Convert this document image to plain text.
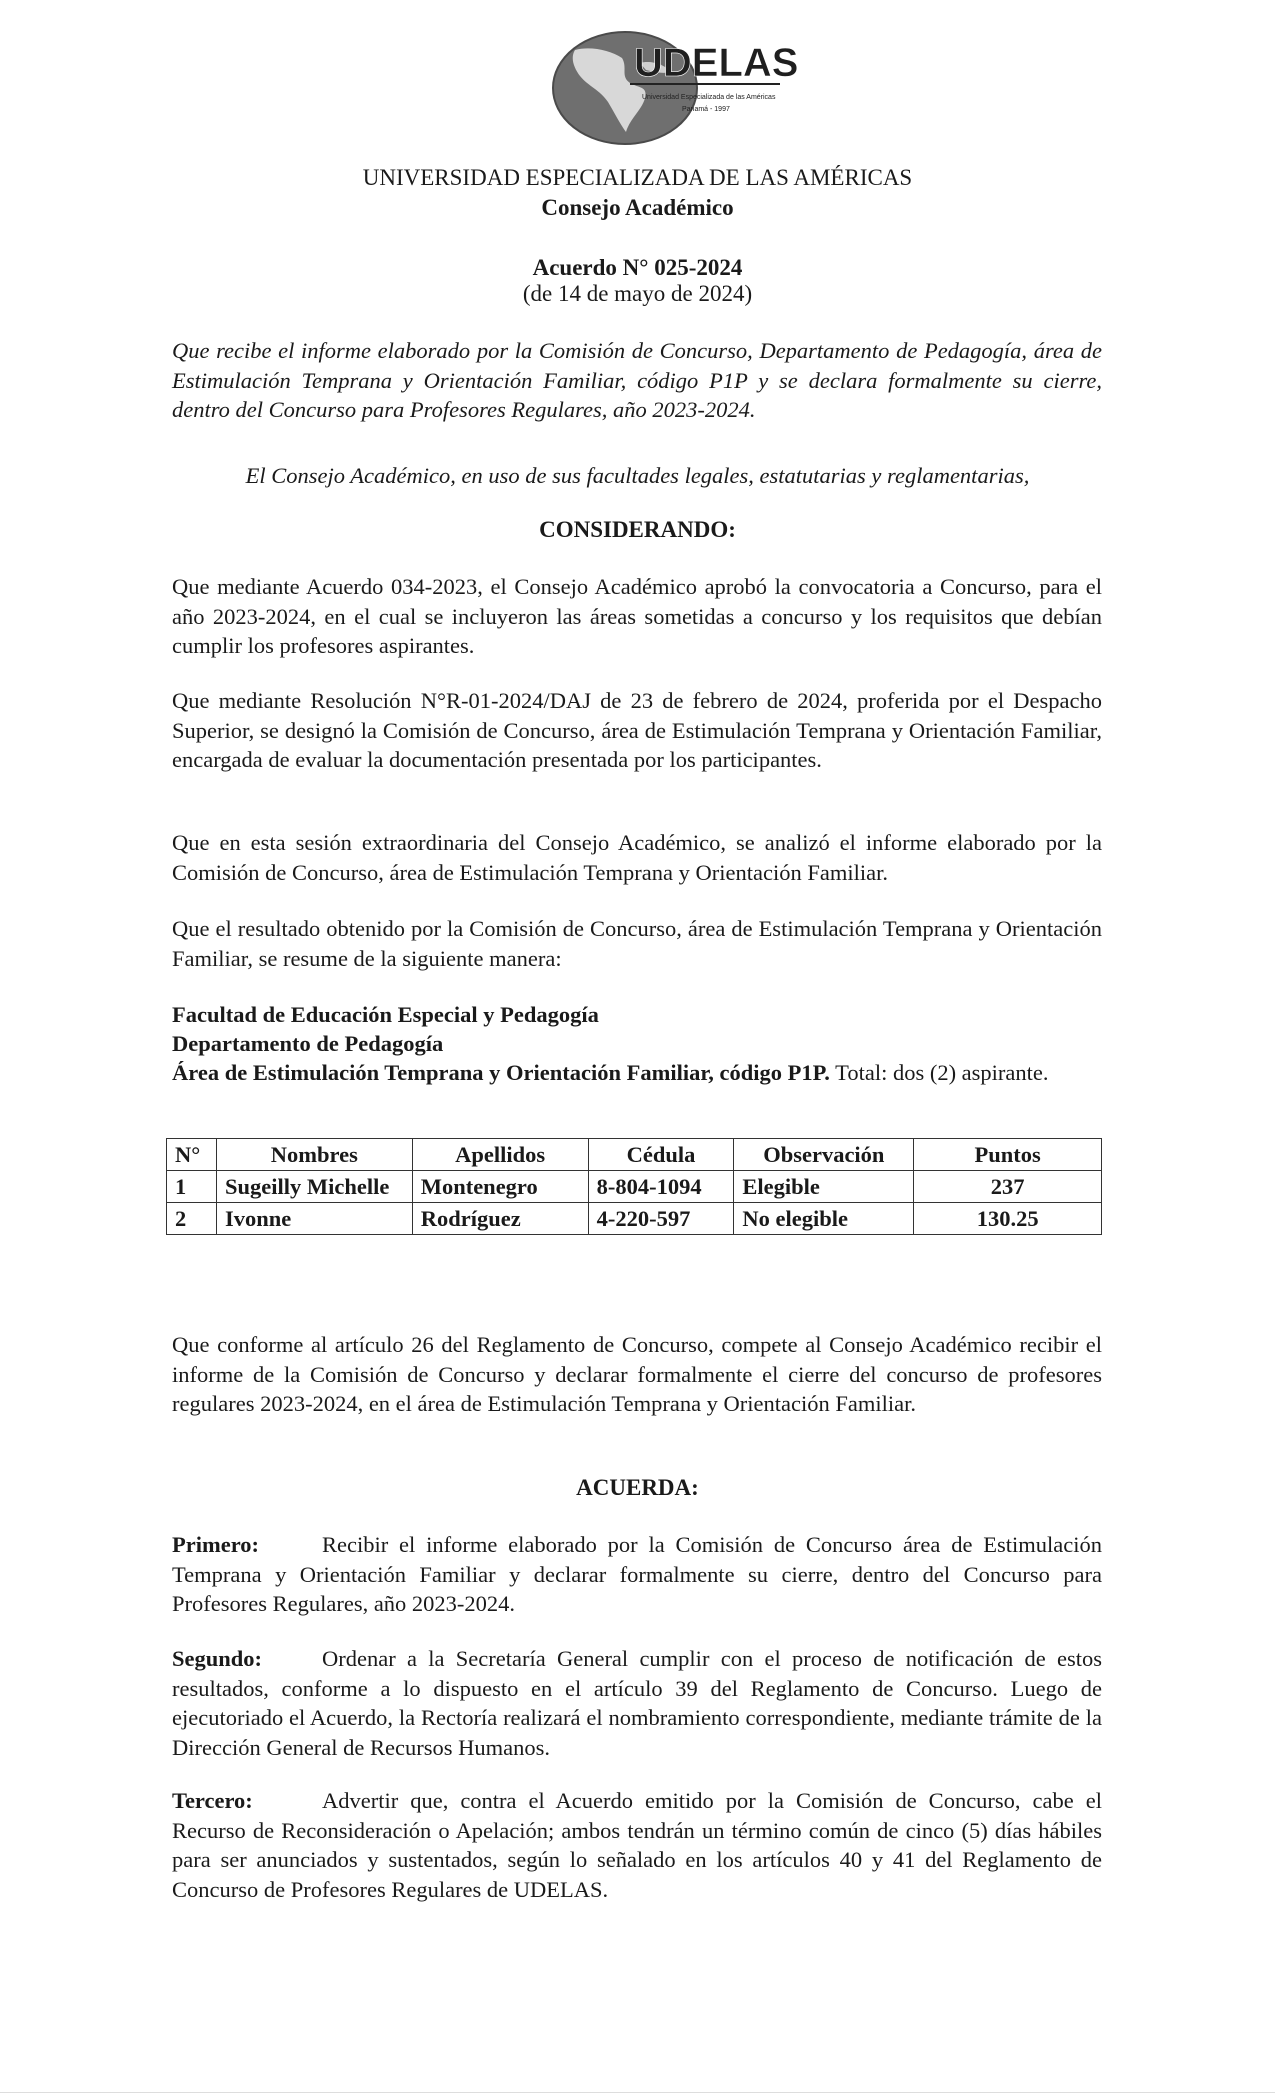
UDELAS
Universidad Especializada de las Américas
Panamá - 1997
UNIVERSIDAD ESPECIALIZADA DE LAS AMÉRICAS
Consejo Académico
Acuerdo N° 025-2024
(de 14 de mayo de 2024)
Que recibe el informe elaborado por la Comisión de Concurso, Departamento de Pedagogía, área de Estimulación Temprana y Orientación Familiar, código P1P y se declara formalmente su cierre, dentro del Concurso para Profesores Regulares, año 2023-2024.
El Consejo Académico, en uso de sus facultades legales, estatutarias y reglamentarias,
CONSIDERANDO:
Que mediante Acuerdo 034-2023, el Consejo Académico aprobó la convocatoria a Concurso, para el año 2023-2024, en el cual se incluyeron las áreas sometidas a concurso y los requisitos que debían cumplir los profesores aspirantes.
Que mediante Resolución N°R-01-2024/DAJ de 23 de febrero de 2024, proferida por el Despacho Superior, se designó la Comisión de Concurso, área de Estimulación Temprana y Orientación Familiar, encargada de evaluar la documentación presentada por los participantes.
Que en esta sesión extraordinaria del Consejo Académico, se analizó el informe elaborado por la Comisión de Concurso, área de Estimulación Temprana y Orientación Familiar.
Que el resultado obtenido por la Comisión de Concurso, área de Estimulación Temprana y Orientación Familiar, se resume de la siguiente manera:
Facultad de Educación Especial y Pedagogía
Departamento de Pedagogía
Área de Estimulación Temprana y Orientación Familiar, código P1P. Total: dos (2) aspirante.
N°	Nombres	Apellidos	Cédula	Observación	Puntos
1	Sugeilly Michelle	Montenegro	8-804-1094	Elegible	237
2	Ivonne	Rodríguez	4-220-597	No elegible	130.25
Que conforme al artículo 26 del Reglamento de Concurso, compete al Consejo Académico recibir el informe de la Comisión de Concurso y declarar formalmente el cierre del concurso de profesores regulares 2023-2024, en el área de Estimulación Temprana y Orientación Familiar.
ACUERDA:
Primero:	Recibir el informe elaborado por la Comisión de Concurso área de Estimulación Temprana y Orientación Familiar y declarar formalmente su cierre, dentro del Concurso para Profesores Regulares, año 2023-2024.
Segundo:	Ordenar a la Secretaría General cumplir con el proceso de notificación de estos resultados, conforme a lo dispuesto en el artículo 39 del Reglamento de Concurso. Luego de ejecutoriado el Acuerdo, la Rectoría realizará el nombramiento correspondiente, mediante trámite de la Dirección General de Recursos Humanos.
Tercero:	Advertir que, contra el Acuerdo emitido por la Comisión de Concurso, cabe el Recurso de Reconsideración o Apelación; ambos tendrán un término común de cinco (5) días hábiles para ser anunciados y sustentados, según lo señalado en los artículos 40 y 41 del Reglamento de Concurso de Profesores Regulares de UDELAS.
